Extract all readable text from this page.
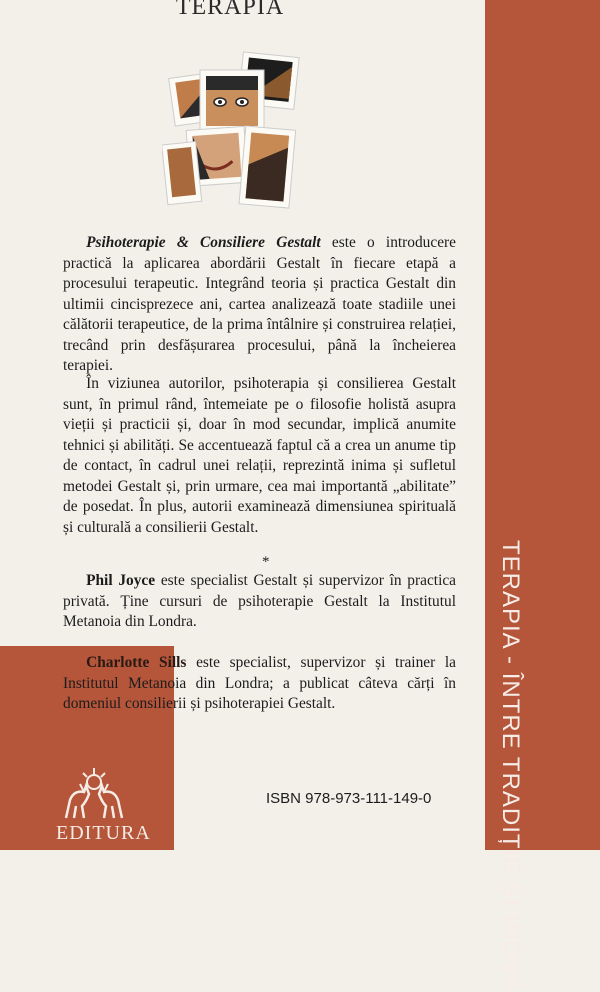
TERAPIA
TERAPIA - ÎNTRE TRADIȚIE ȘI INOVA

Psihoterapie & Consiliere Gestalt este o introducere practică la aplicarea abordării Gestalt în fiecare etapă a procesului terapeutic. Integrând teoria și practica Gestalt din ultimii cincisprezece ani, cartea analizează toate stadiile unei călătorii terapeutice, de la prima întâlnire și construirea relației, trecând prin desfășurarea procesului, până la încheierea terapiei.

În viziunea autorilor, psihoterapia și consilierea Gestalt sunt, în primul rând, întemeiate pe o filosofie holistă asupra vieții și practicii și, doar în mod secundar, implică anumite tehnici și abilități. Se accentuează faptul că a crea un anume tip de contact, în cadrul unei relații, reprezintă inima și sufletul metodei Gestalt și, prin urmare, cea mai importantă „abilitate” de posedat. În plus, autorii examinează dimensiunea spirituală și culturală a consilierii Gestalt.

*

Phil Joyce este specialist Gestalt și supervizor în practica privată. Ține cursuri de psihoterapie Gestalt la Institutul Metanoia din Londra.

Charlotte Sills este specialist, supervizor și trainer la Institutul Metanoia din Londra; a publicat câteva cărți în domeniul consilierii și psihoterapiei Gestalt.

EDITURA
ISBN 978-973-111-149-0
